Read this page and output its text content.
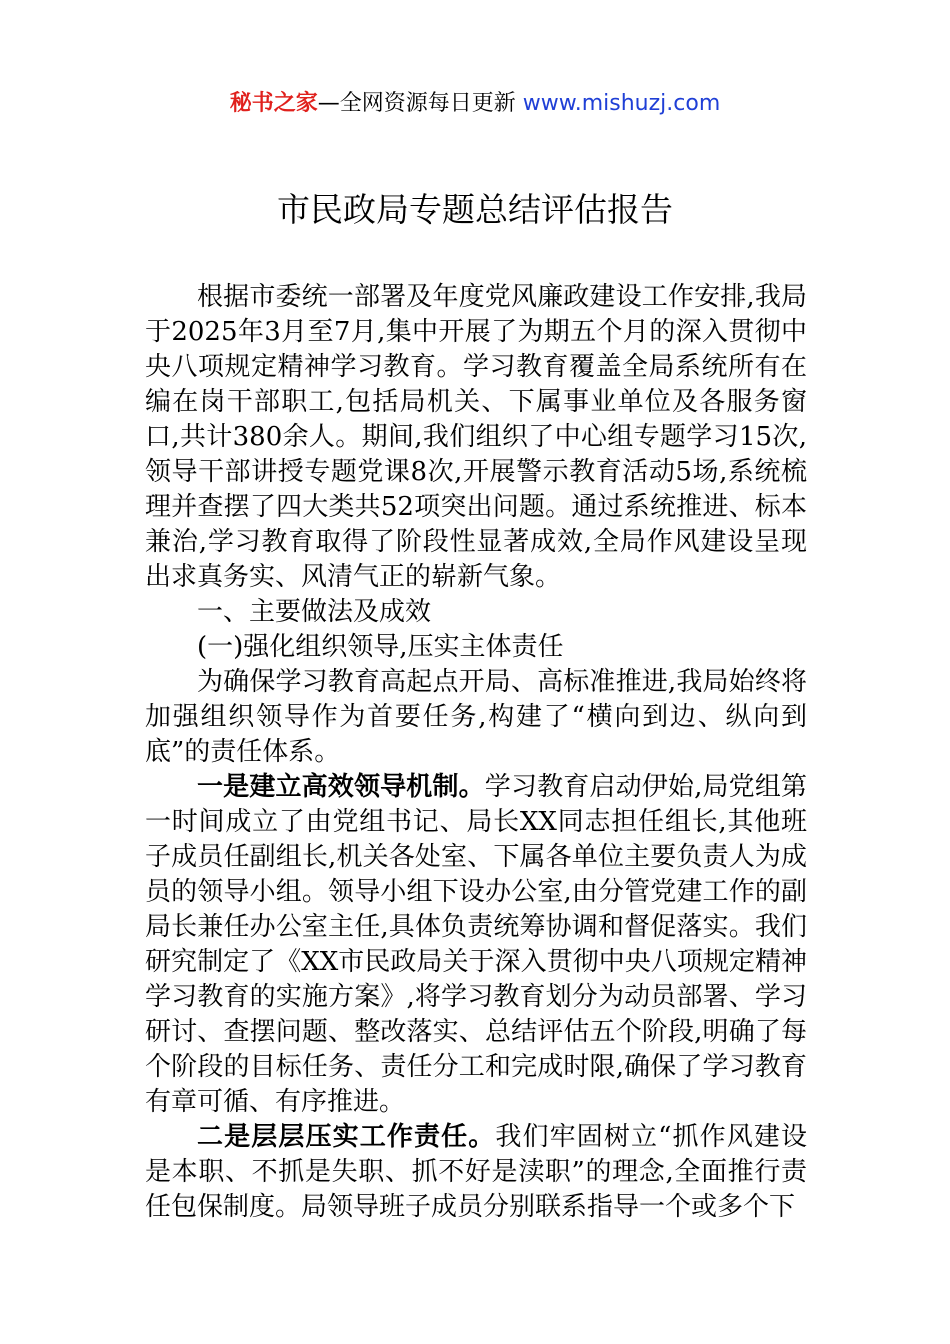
秘书之家—全网资源每日更新 www.mishuzj.com
市民政局专题总结评估报告

根据市委统一部署及年度党风廉政建设工作安排,我局于2025年3月至7月,集中开展了为期五个月的深入贯彻中央八项规定精神学习教育。学习教育覆盖全局系统所有在编在岗干部职工,包括局机关、下属事业单位及各服务窗口,共计380余人。期间,我们组织了中心组专题学习15次,领导干部讲授专题党课8次,开展警示教育活动5场,系统梳理并查摆了四大类共52项突出问题。通过系统推进、标本兼治,学习教育取得了阶段性显著成效,全局作风建设呈现出求真务实、风清气正的崭新气象。

一、主要做法及成效

(一)强化组织领导,压实主体责任

为确保学习教育高起点开局、高标准推进,我局始终将加强组织领导作为首要任务,构建了“横向到边、纵向到底”的责任体系。

一是建立高效领导机制。学习教育启动伊始,局党组第一时间成立了由党组书记、局长XX同志担任组长,其他班子成员任副组长,机关各处室、下属各单位主要负责人为成员的领导小组。领导小组下设办公室,由分管党建工作的副局长兼任办公室主任,具体负责统筹协调和督促落实。我们研究制定了《XX市民政局关于深入贯彻中央八项规定精神学习教育的实施方案》,将学习教育划分为动员部署、学习研讨、查摆问题、整改落实、总结评估五个阶段,明确了每个阶段的目标任务、责任分工和完成时限,确保了学习教育有章可循、有序推进。

二是层层压实工作责任。我们牢固树立“抓作风建设是本职、不抓是失职、抓不好是渎职”的理念,全面推行责任包保制度。局领导班子成员分别联系指导一个或多个下
